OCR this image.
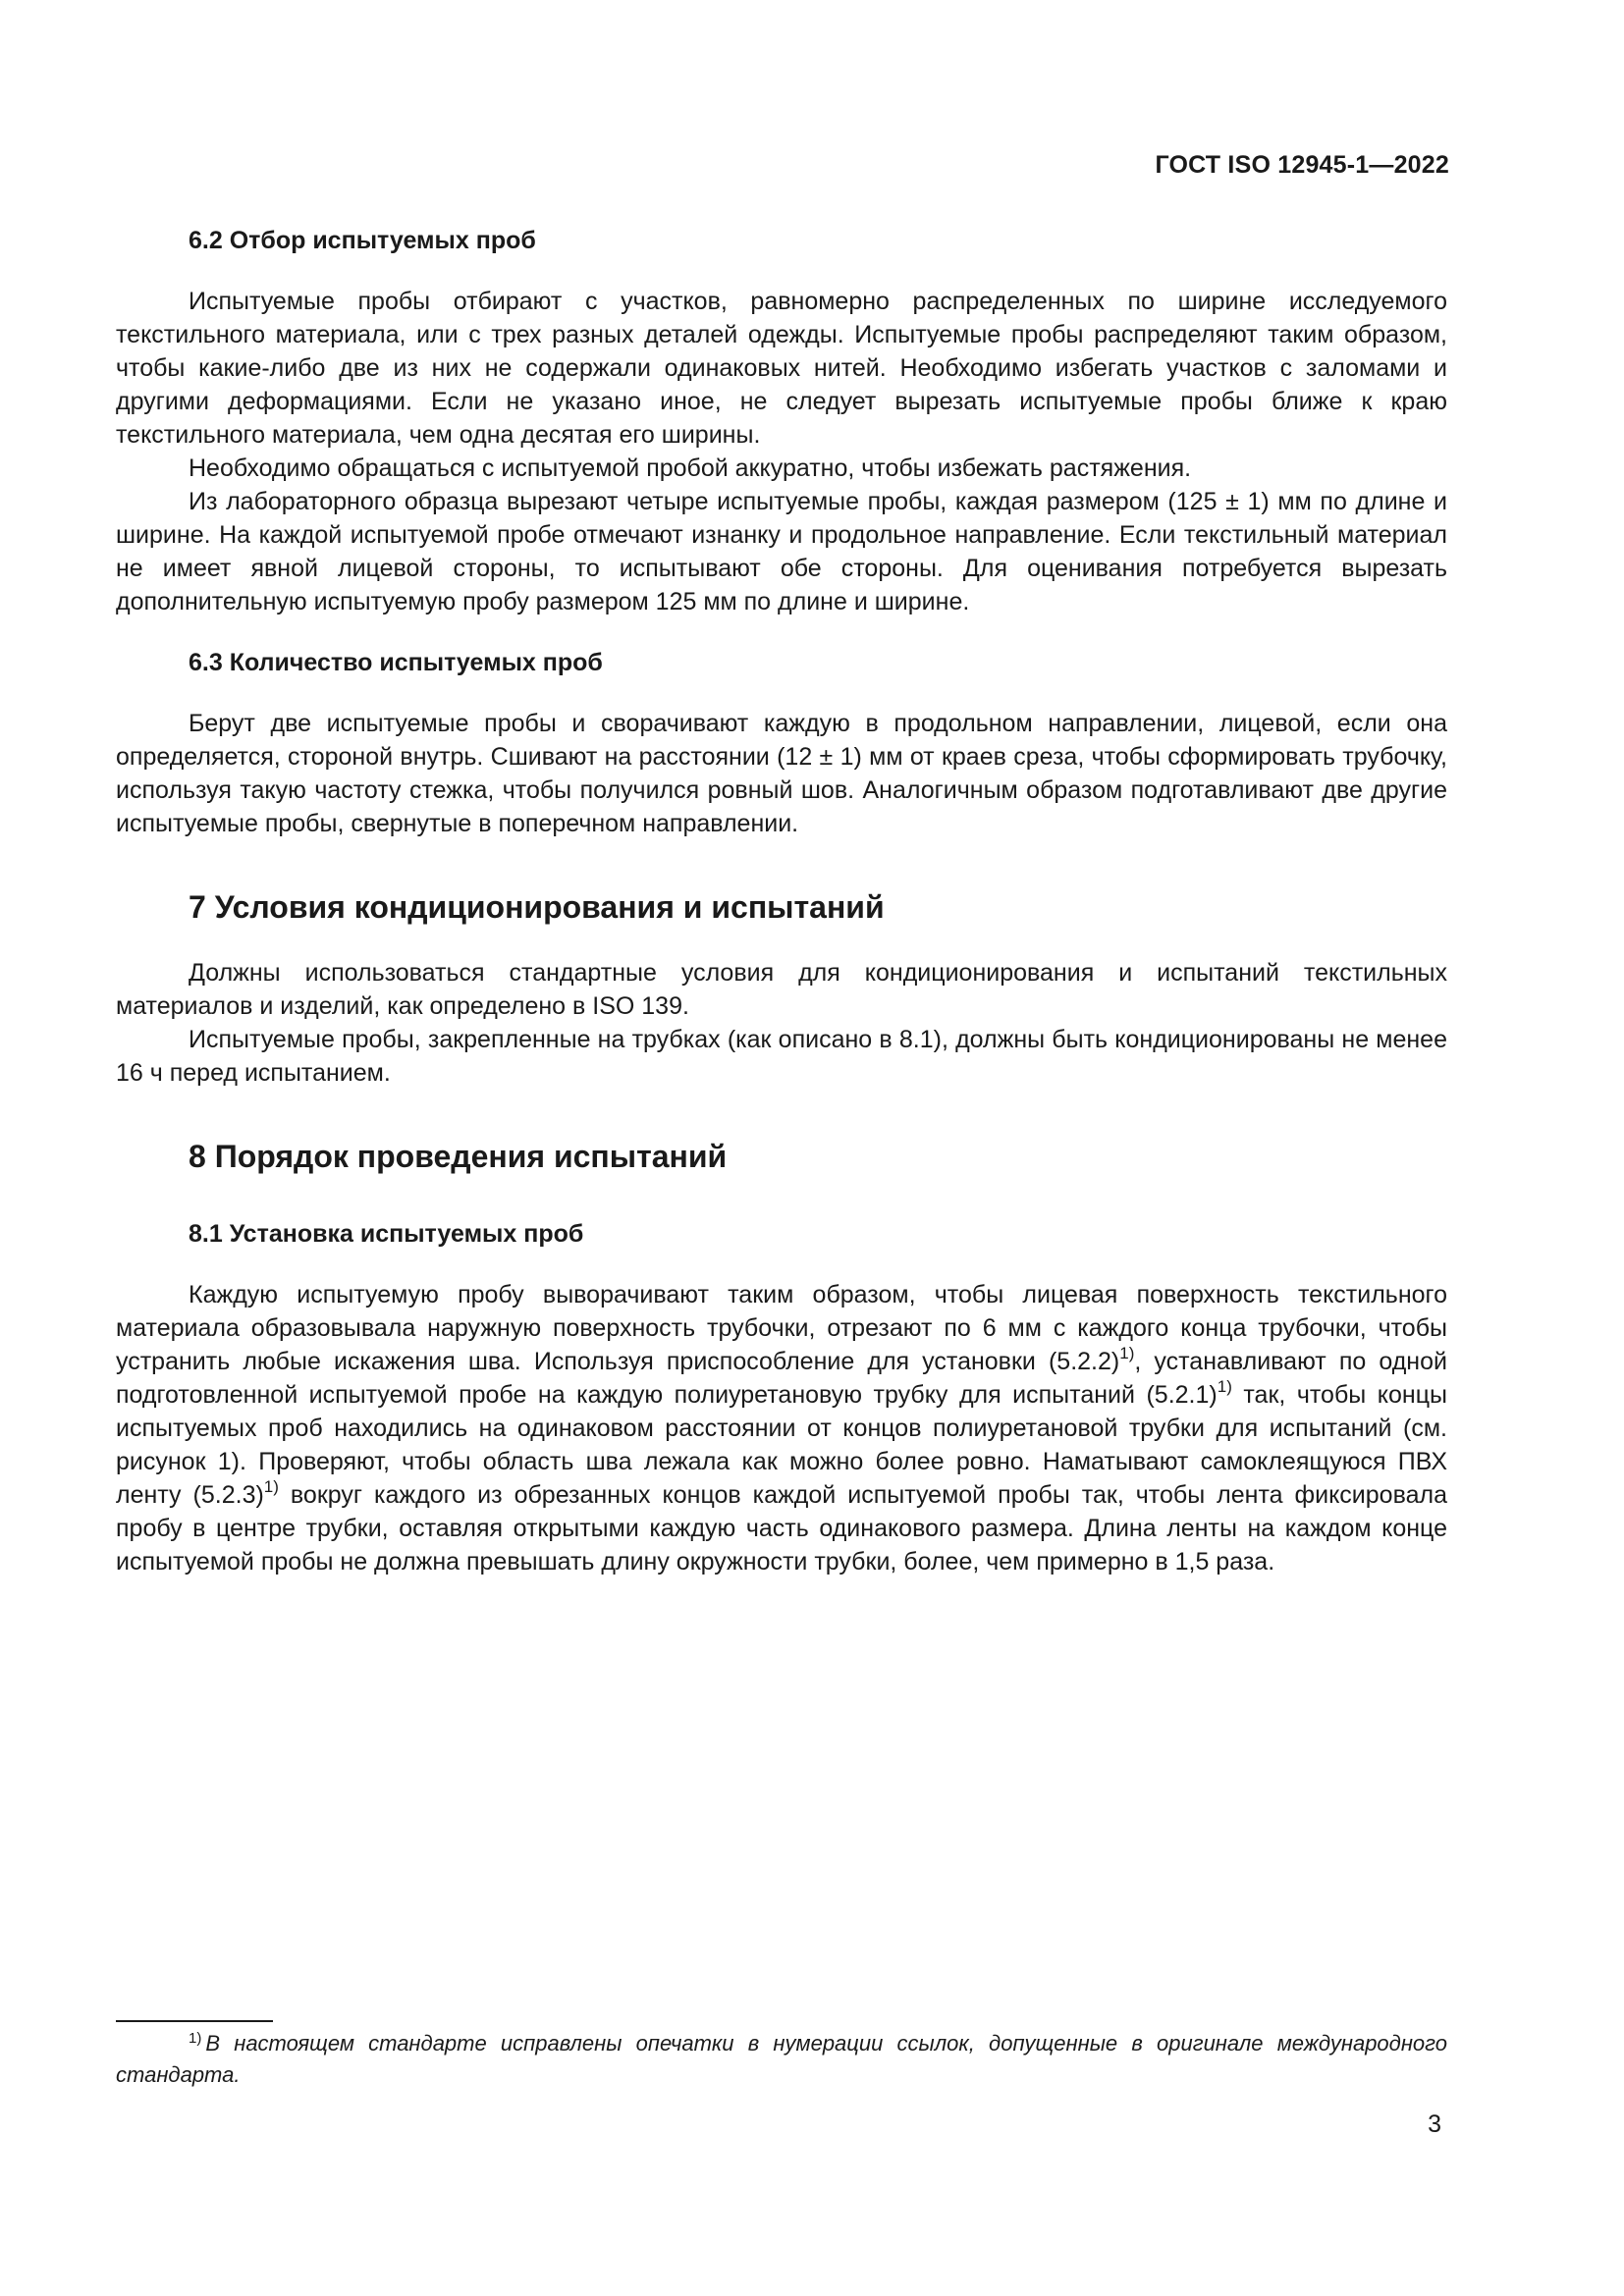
ГОСТ ISO 12945-1—2022
6.2 Отбор испытуемых проб

Испытуемые пробы отбирают с участков, равномерно распределенных по ширине исследуемого текстильного материала, или с трех разных деталей одежды. Испытуемые пробы распределяют таким образом, чтобы какие-либо две из них не содержали одинаковых нитей. Необходимо избегать участков с заломами и другими деформациями. Если не указано иное, не следует вырезать испытуемые пробы ближе к краю текстильного материала, чем одна десятая его ширины.

Необходимо обращаться с испытуемой пробой аккуратно, чтобы избежать растяжения.

Из лабораторного образца вырезают четыре испытуемые пробы, каждая размером (125 ± 1) мм по длине и ширине. На каждой испытуемой пробе отмечают изнанку и продольное направление. Если текстильный материал не имеет явной лицевой стороны, то испытывают обе стороны. Для оценивания потребуется вырезать дополнительную испытуемую пробу размером 125 мм по длине и ширине.

6.3 Количество испытуемых проб

Берут две испытуемые пробы и сворачивают каждую в продольном направлении, лицевой, если она определяется, стороной внутрь. Сшивают на расстоянии (12 ± 1) мм от краев среза, чтобы сформировать трубочку, используя такую частоту стежка, чтобы получился ровный шов. Аналогичным образом подготавливают две другие испытуемые пробы, свернутые в поперечном направлении.

7 Условия кондиционирования и испытаний

Должны использоваться стандартные условия для кондиционирования и испытаний текстильных материалов и изделий, как определено в ISO 139.

Испытуемые пробы, закрепленные на трубках (как описано в 8.1), должны быть кондиционированы не менее 16 ч перед испытанием.

8 Порядок проведения испытаний
8.1 Установка испытуемых проб

Каждую испытуемую пробу выворачивают таким образом, чтобы лицевая поверхность текстильного материала образовывала наружную поверхность трубочки, отрезают по 6 мм с каждого конца трубочки, чтобы устранить любые искажения шва. Используя приспособление для установки $(5.2.2)^{1)}$, устанавливают по одной подготовленной испытуемой пробе на каждую полиуретановую трубку для испытаний $(5.2.1)^{1)}$ так, чтобы концы испытуемых проб находились на одинаковом расстоянии от концов полиуретановой трубки для испытаний (см. рисунок 1). Проверяют, чтобы область шва лежала как можно более ровно. Наматывают самоклеящуюся ПВХ ленту $(5.2.3)^{1)}$ вокруг каждого из обрезанных концов каждой испытуемой пробы так, чтобы лента фиксировала пробу в центре трубки, оставляя открытыми каждую часть одинакового размера. Длина ленты на каждом конце испытуемой пробы не должна превышать длину окружности трубки, более, чем примерно в 1,5 раза.

$^{1)}$ В настоящем стандарте исправлены опечатки в нумерации ссылок, допущенные в оригинале международного стандарта.
3
